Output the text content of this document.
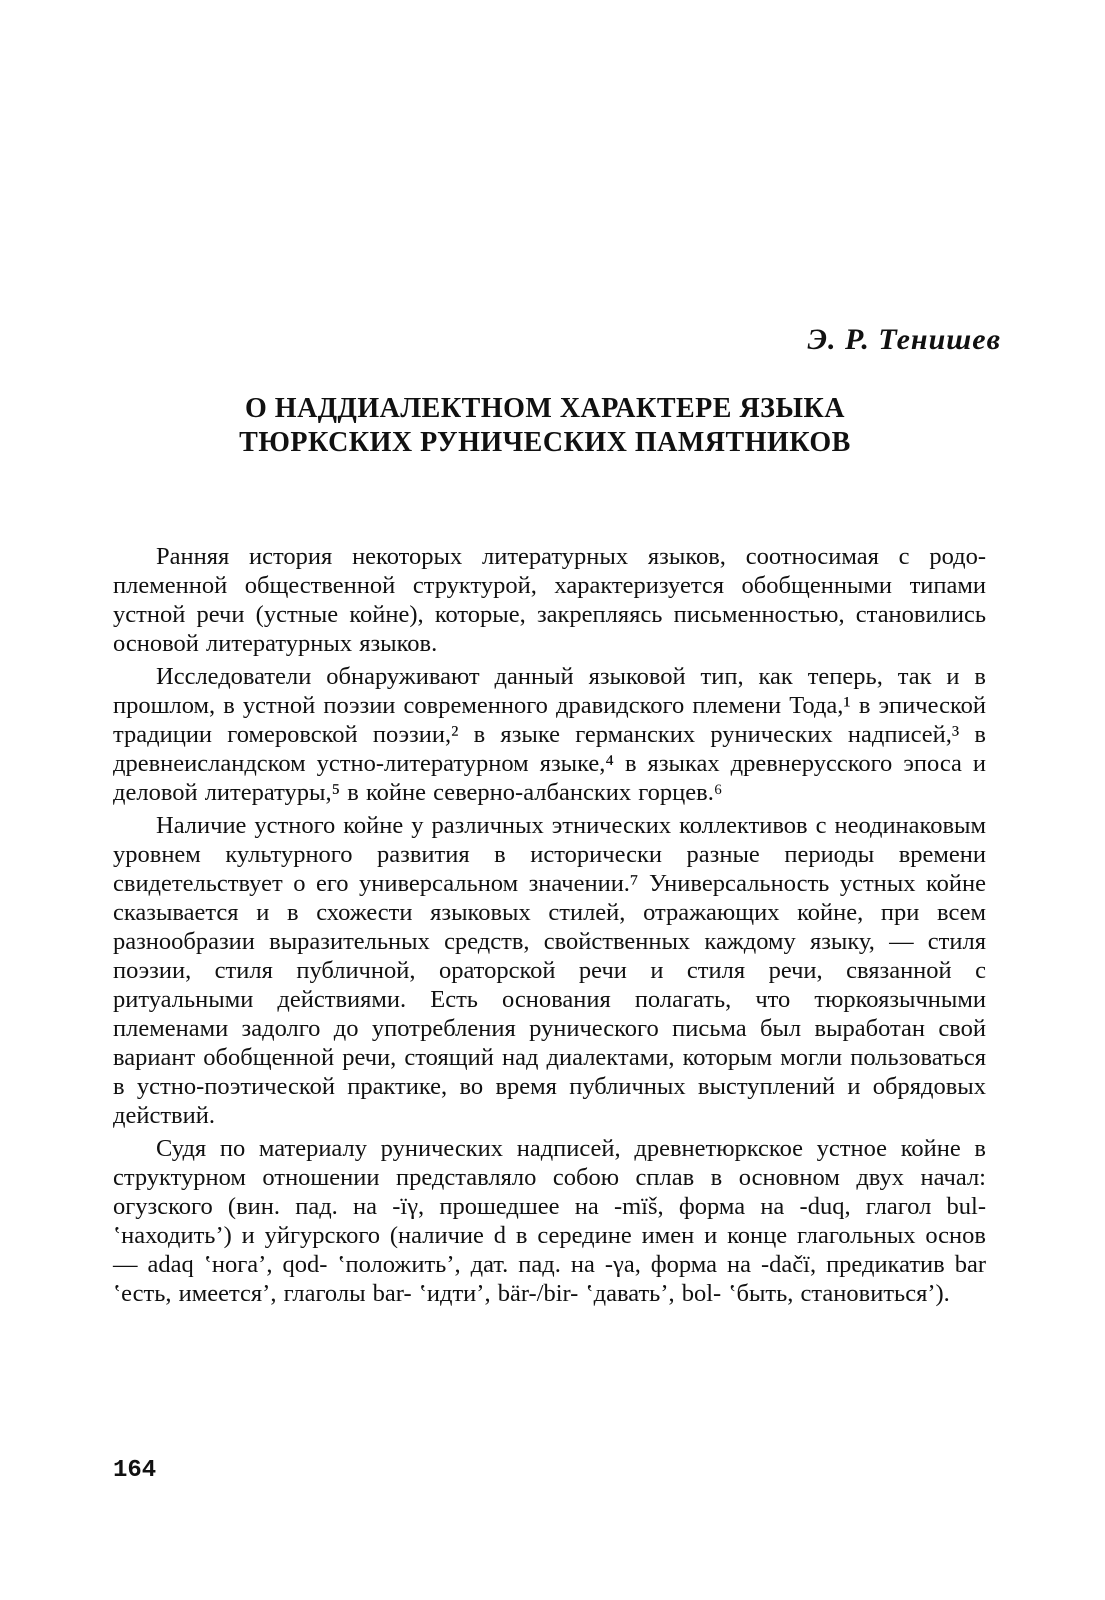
Э. Р. Тенишев
О НАДДИАЛЕКТНОМ ХАРАКТЕРЕ ЯЗЫКА
ТЮРКСКИХ РУНИЧЕСКИХ ПАМЯТНИКОВ

Ранняя история некоторых литературных языков, соотносимая с родо-племенной общественной структурой, характеризуется обобщенными типами устной речи (устные койне), которые, закрепляясь письменностью, становились основой литературных языков.

Исследователи обнаруживают данный языковой тип, как теперь, так и в прошлом, в устной поэзии современного дравидского племени Тода,¹ в эпической традиции гомеровской поэзии,² в языке германских рунических надписей,³ в древнеисландском устно-литературном языке,⁴ в языках древнерусского эпоса и деловой литературы,⁵ в койне северно-албанских горцев.⁶

Наличие устного койне у различных этнических коллективов с неодинаковым уровнем культурного развития в исторически разные периоды времени свидетельствует о его универсальном значении.⁷ Универсальность устных койне сказывается и в схожести языковых стилей, отражающих койне, при всем разнообразии выразительных средств, свойственных каждому языку, — стиля поэзии, стиля публичной, ораторской речи и стиля речи, связанной с ритуальными действиями. Есть основания полагать, что тюркоязычными племенами задолго до употребления рунического письма был выработан свой вариант обобщенной речи, стоящий над диалектами, которым могли пользоваться в устно-поэтической практике, во время публичных выступлений и обрядовых действий.

Судя по материалу рунических надписей, древнетюркское устное койне в структурном отношении представляло собою сплав в основном двух начал: огузского (вин. пад. на -ïγ, прошедшее на -mïš, форма на -duq, глагол bul- ʽнаходить’) и уйгурского (наличие d в середине имен и конце глагольных основ — adaq ʽнога’, qod- ʽположить’, дат. пад. на -γa, форма на -dačï, предикатив bar ʽесть, имеется’, глаголы bar- ʽидти’, bär-/bir- ʽдавать’, bol- ʽбыть, становиться’).

164
